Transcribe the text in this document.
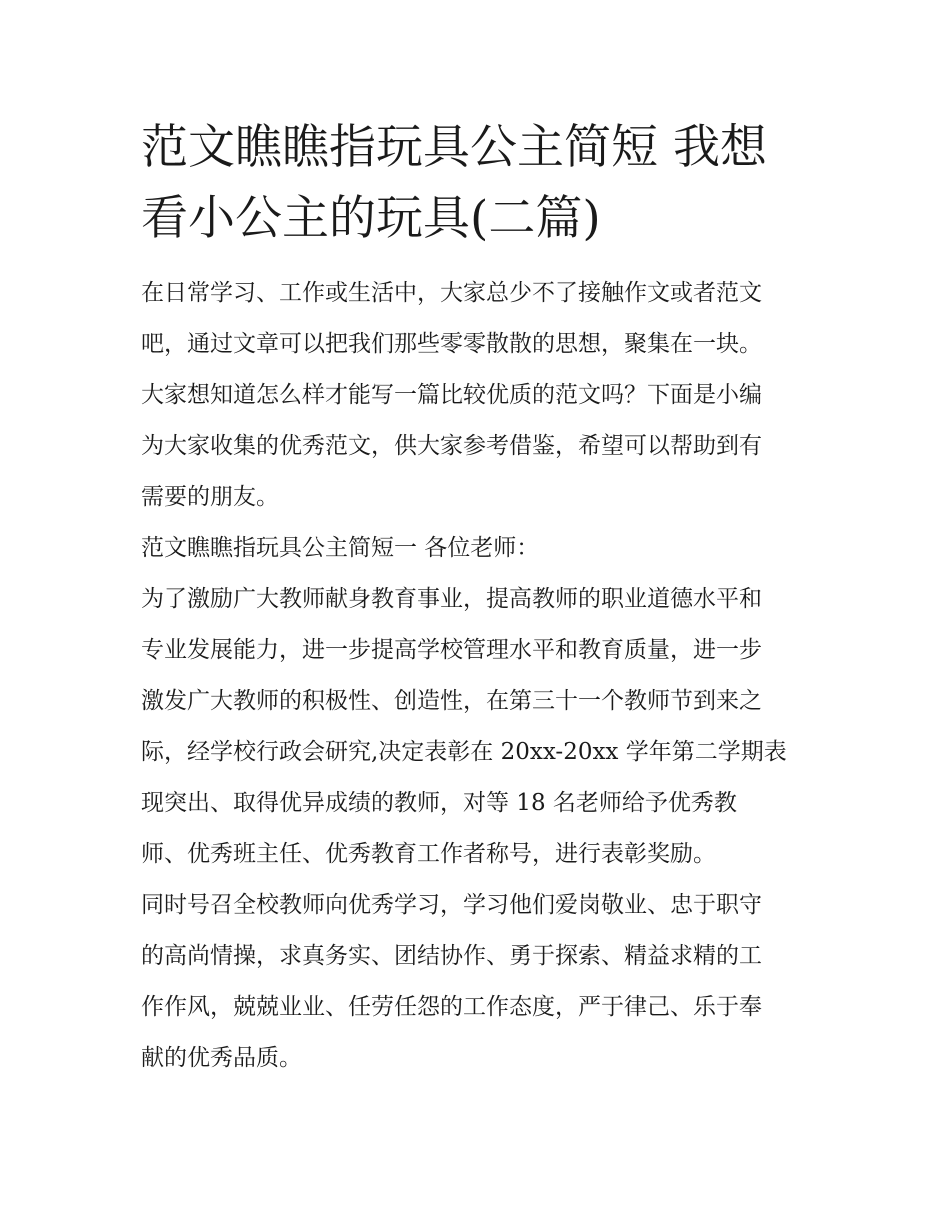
范文瞧瞧指玩具公主简短 我想
看小公主的玩具(二篇)
在日常学习、工作或生活中，大家总少不了接触作文或者范文
吧，通过文章可以把我们那些零零散散的思想，聚集在一块。
大家想知道怎么样才能写一篇比较优质的范文吗？下面是小编
为大家收集的优秀范文，供大家参考借鉴，希望可以帮助到有
需要的朋友。
范文瞧瞧指玩具公主简短一 各位老师：
为了激励广大教师献身教育事业，提高教师的职业道德水平和
专业发展能力，进一步提高学校管理水平和教育质量，进一步
激发广大教师的积极性、创造性，在第三十一个教师节到来之
际，经学校行政会研究,决定表彰在 20xx-20xx 学年第二学期表
现突出、取得优异成绩的教师，对等 18 名老师给予优秀教
师、优秀班主任、优秀教育工作者称号，进行表彰奖励。
同时号召全校教师向优秀学习，学习他们爱岗敬业、忠于职守
的高尚情操，求真务实、团结协作、勇于探索、精益求精的工
作作风，兢兢业业、任劳任怨的工作态度，严于律己、乐于奉
献的优秀品质。
